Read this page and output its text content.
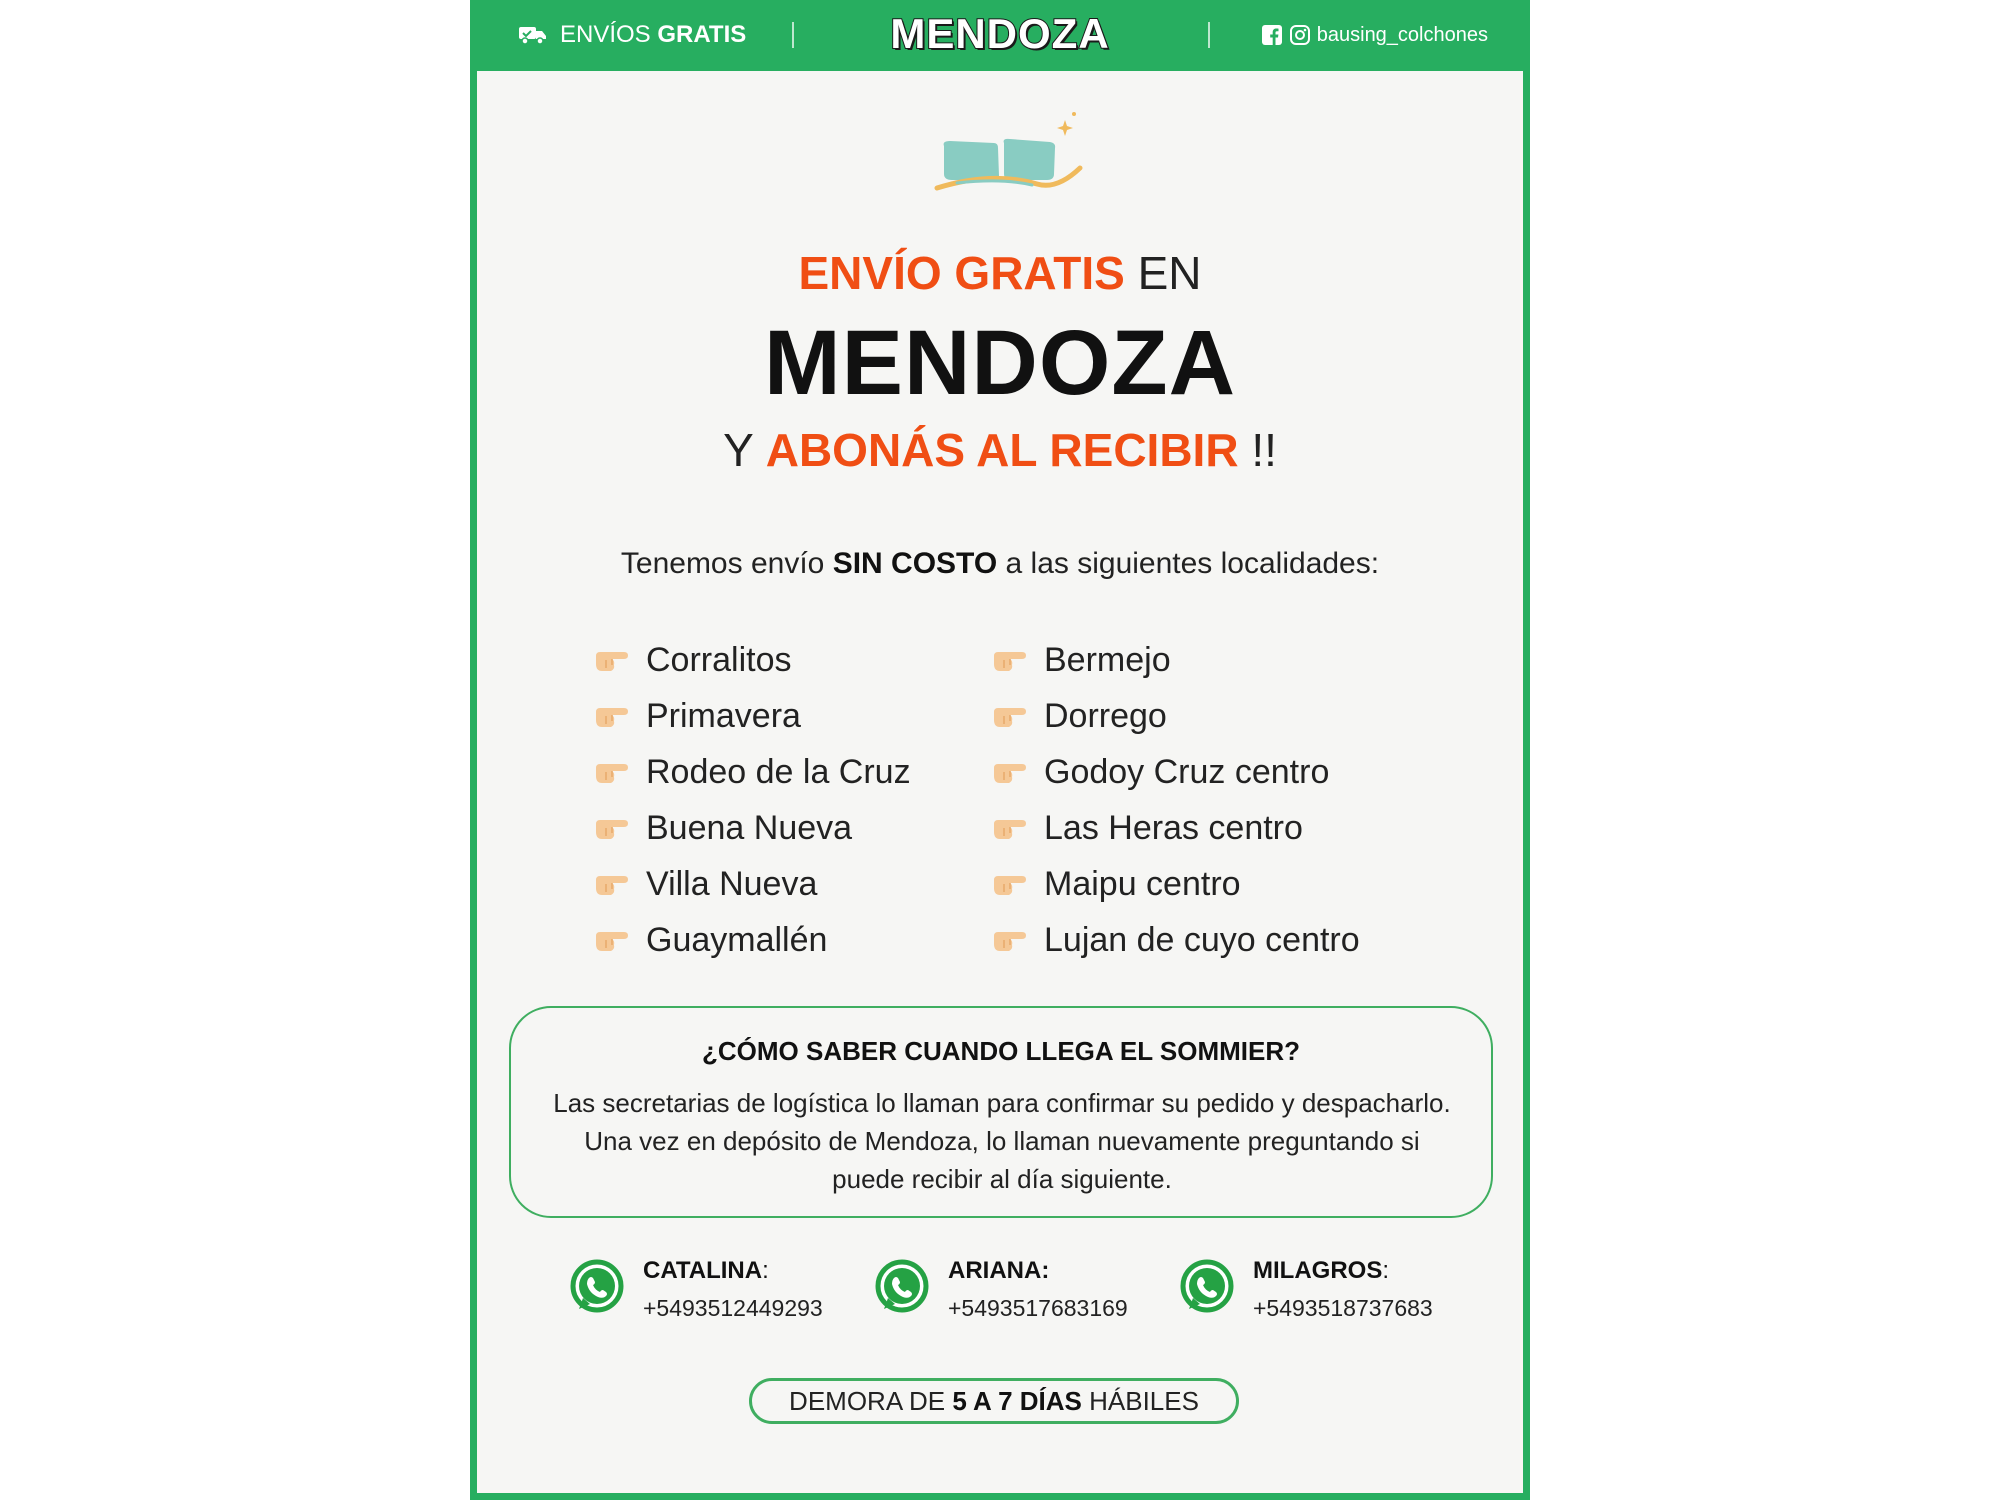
ENVÍOS GRATIS	MENDOZA	bausing_colchones
ENVÍO GRATIS EN
MENDOZA
Y ABONÁS AL RECIBIR !!
Tenemos envío SIN COSTO a las siguientes localidades:
Corralitos
Primavera
Rodeo de la Cruz
Buena Nueva
Villa Nueva
Guaymallén
Bermejo
Dorrego
Godoy Cruz centro
Las Heras centro
Maipu centro
Lujan de cuyo centro
¿CÓMO SABER CUANDO LLEGA EL SOMMIER?
Las secretarias de logística lo llaman para confirmar su pedido y despacharlo.
Una vez en depósito de Mendoza, lo llaman nuevamente preguntando si
puede recibir al día siguiente.
CATALINA:
+5493512449293
ARIANA:
+5493517683169
MILAGROS:
+5493518737683
DEMORA DE
5 A 7 DÍAS
HÁBILES
